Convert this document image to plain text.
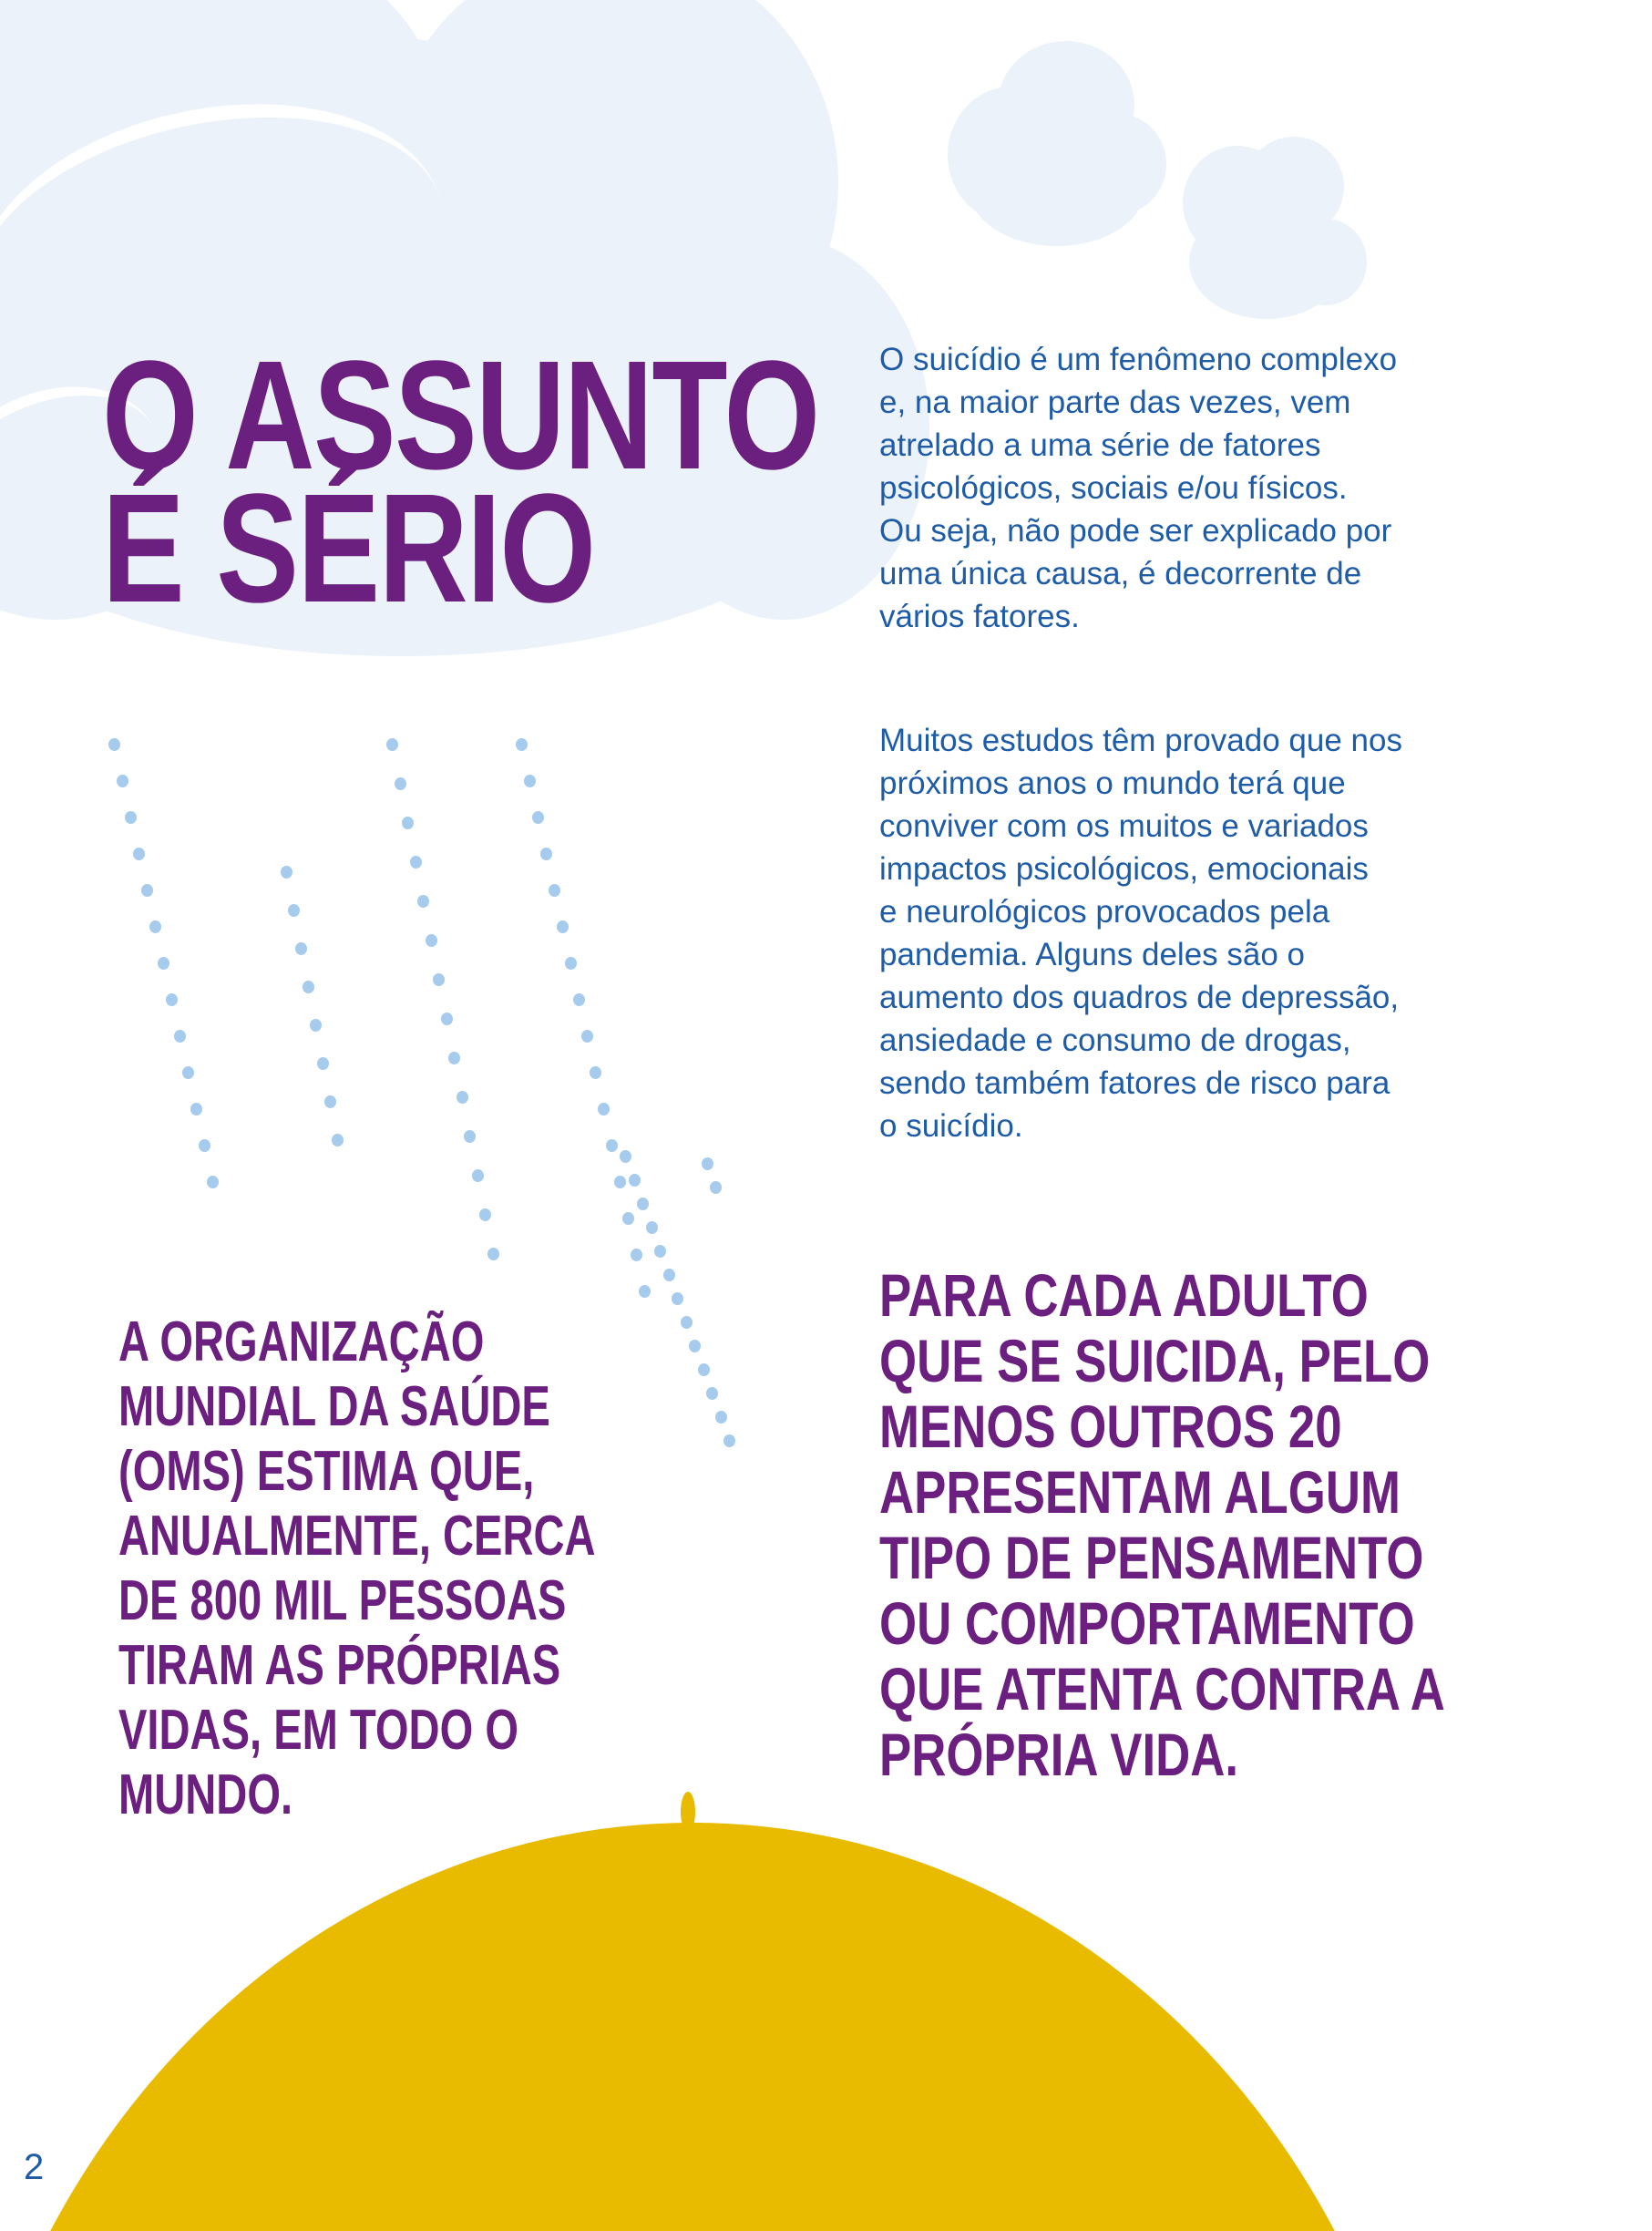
O ASSUNTO
É SÉRIO
O suicídio é um fenômeno complexo
e, na maior parte das vezes, vem
atrelado a uma série de fatores
psicológicos, sociais e/ou físicos.
Ou seja, não pode ser explicado por
uma única causa, é decorrente de
vários fatores.
Muitos estudos têm provado que nos
próximos anos o mundo terá que
conviver com os muitos e variados
impactos psicológicos, emocionais
e neurológicos provocados pela
pandemia. Alguns deles são o
aumento dos quadros de depressão,
ansiedade e consumo de drogas,
sendo também fatores de risco para
o suicídio.
A ORGANIZAÇÃO
MUNDIAL DA SAÚDE
(OMS) ESTIMA QUE,
ANUALMENTE, CERCA
DE 800 MIL PESSOAS
TIRAM AS PRÓPRIAS
VIDAS, EM TODO O
MUNDO.
PARA CADA ADULTO
QUE SE SUICIDA, PELO
MENOS OUTROS 20
APRESENTAM ALGUM
TIPO DE PENSAMENTO
OU COMPORTAMENTO
QUE ATENTA CONTRA A
PRÓPRIA VIDA.
2
